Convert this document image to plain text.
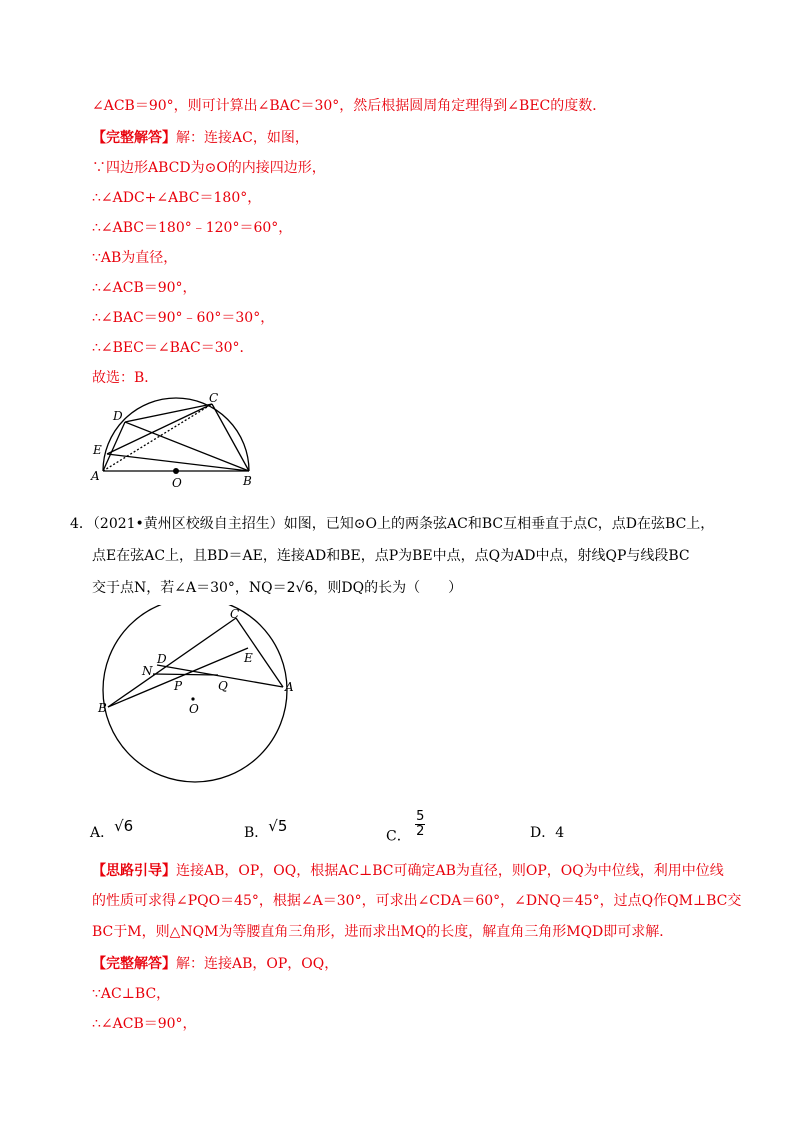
∠ACB＝90°，则可计算出∠BAC＝30°，然后根据圆周角定理得到∠BEC的度数．
【完整解答】解：连接AC，如图，
∵四边形ABCD为⊙O的内接四边形，
∴∠ADC+∠ABC＝180°，
∴∠ABC＝180°﹣120°＝60°，
∵AB为直径，
∴∠ACB＝90°，
∴∠BAC＝90°﹣60°＝30°，
∴∠BEC＝∠BAC＝30°．
故选：B．
D
C
E
A	O	B
4．（2021•黄州区校级自主招生）如图，已知⊙O上的两条弦AC和BC互相垂直于点C，点D在弦BC上，
点E在弦AC上，且BD＝AE，连接AD和BE，点P为BE中点，点Q为AD中点，射线QP与线段BC
交于点N，若∠A＝30°，NQ＝2√6，则DQ的长为（　　）
C
D	E
N
P	Q	A
B	O
A．√6	B．√5
C． $\frac{5}{2}$	D．4
【思路引导】连接AB，OP，OQ，根据AC⊥BC可确定AB为直径，则OP，OQ为中位线，利用中位线
的性质可求得∠PQO＝45°，根据∠A＝30°，可求出∠CDA＝60°，∠DNQ＝45°，过点Q作QM⊥BC交
BC于M，则△NQM为等腰直角三角形，进而求出MQ的长度，解直角三角形MQD即可求解．
【完整解答】解：连接AB，OP，OQ，
∵AC⊥BC，
∴∠ACB＝90°，
